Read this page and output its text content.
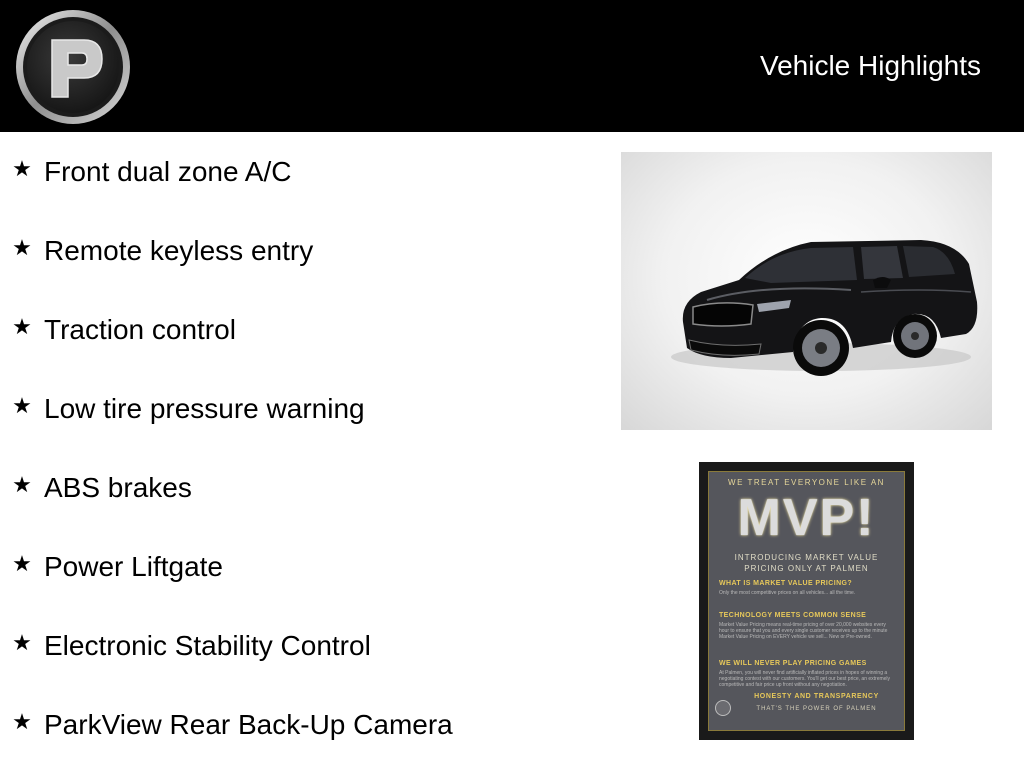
Vehicle Highlights
★ Front dual zone A/C
★ Remote keyless entry
★ Traction control
★ Low tire pressure warning
★ ABS brakes
★ Power Liftgate
★ Electronic Stability Control
★ ParkView Rear Back-Up Camera
WE TREAT EVERYONE LIKE AN
MVP!
INTRODUCING MARKET VALUE PRICING ONLY AT PALMEN
WHAT IS MARKET VALUE PRICING?
Only the most competitive prices on all vehicles... all the time.
TECHNOLOGY MEETS COMMON SENSE
Market Value Pricing means real-time pricing of over 20,000 websites every hour to ensure that you and every single customer receives up to the minute Market Value Pricing on EVERY vehicle we sell... New or Pre-owned.
WE WILL NEVER PLAY PRICING GAMES
At Palmen, you will never find artificially inflated prices in hopes of winning a negotiating contest with our customers. You'll get our best price, an extremely competitive and fair price up front without any negotiation.
HONESTY AND TRANSPARENCY
THAT'S THE POWER OF PALMEN
